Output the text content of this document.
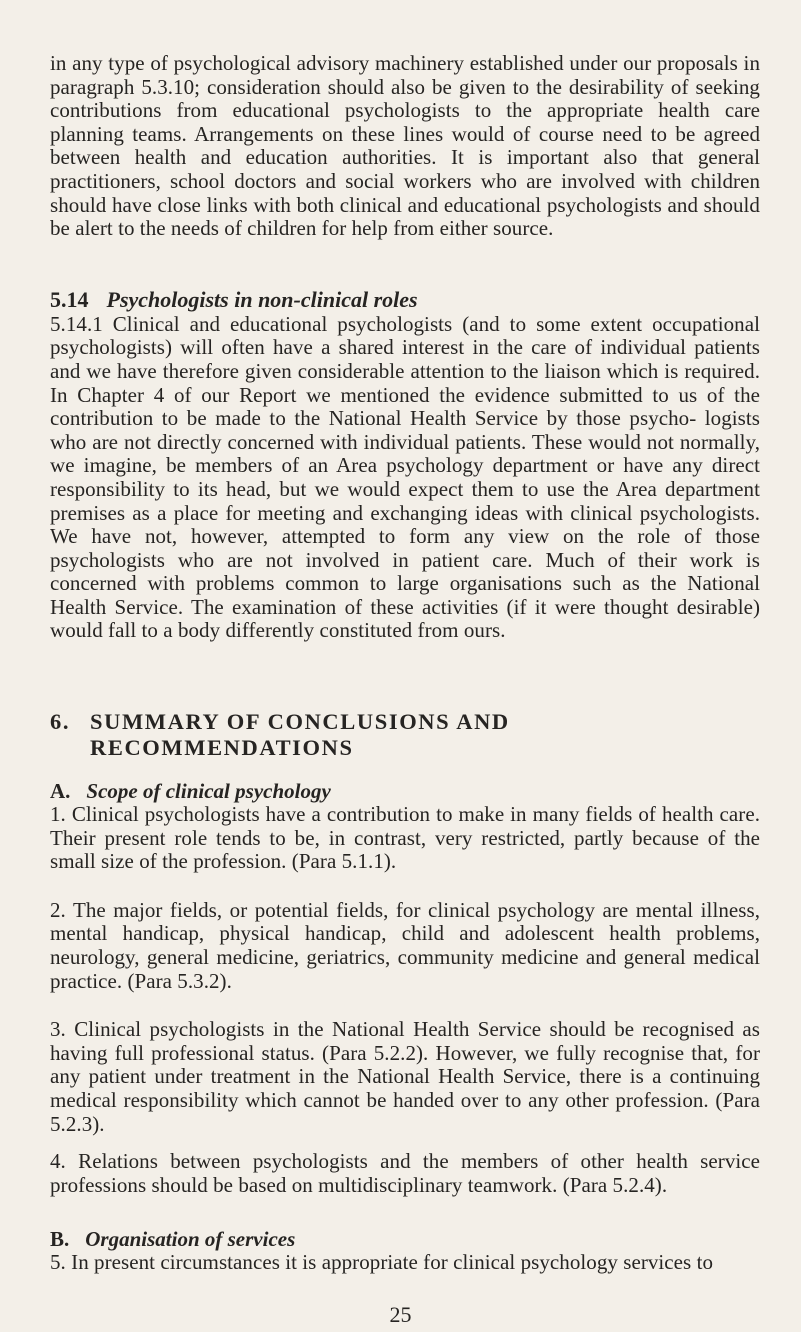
in any type of psychological advisory machinery established under our proposals in paragraph 5.3.10; consideration should also be given to the desirability of seeking contributions from educational psychologists to the appropriate health care planning teams. Arrangements on these lines would of course need to be agreed between health and education authorities. It is important also that general practitioners, school doctors and social workers who are involved with children should have close links with both clinical and educational psychologists and should be alert to the needs of children for help from either source.

5.14 Psychologists in non-clinical roles

5.14.1 Clinical and educational psychologists (and to some extent occupational psychologists) will often have a shared interest in the care of individual patients and we have therefore given considerable attention to the liaison which is required. In Chapter 4 of our Report we mentioned the evidence submitted to us of the contribution to be made to the National Health Service by those psycho- logists who are not directly concerned with individual patients. These would not normally, we imagine, be members of an Area psychology department or have any direct responsibility to its head, but we would expect them to use the Area department premises as a place for meeting and exchanging ideas with clinical psychologists. We have not, however, attempted to form any view on the role of those psychologists who are not involved in patient care. Much of their work is concerned with problems common to large organisations such as the National Health Service. The examination of these activities (if it were thought desirable) would fall to a body differently constituted from ours.

6. SUMMARY OF CONCLUSIONS AND RECOMMENDATIONS
A. Scope of clinical psychology

1. Clinical psychologists have a contribution to make in many fields of health care. Their present role tends to be, in contrast, very restricted, partly because of the small size of the profession. (Para 5.1.1).

2. The major fields, or potential fields, for clinical psychology are mental illness, mental handicap, physical handicap, child and adolescent health problems, neurology, general medicine, geriatrics, community medicine and general medical practice. (Para 5.3.2).

3. Clinical psychologists in the National Health Service should be recognised as having full professional status. (Para 5.2.2). However, we fully recognise that, for any patient under treatment in the National Health Service, there is a continuing medical responsibility which cannot be handed over to any other profession. (Para 5.2.3).

4. Relations between psychologists and the members of other health service professions should be based on multidisciplinary teamwork. (Para 5.2.4).

B. Organisation of services

5. In present circumstances it is appropriate for clinical psychology services to

25
